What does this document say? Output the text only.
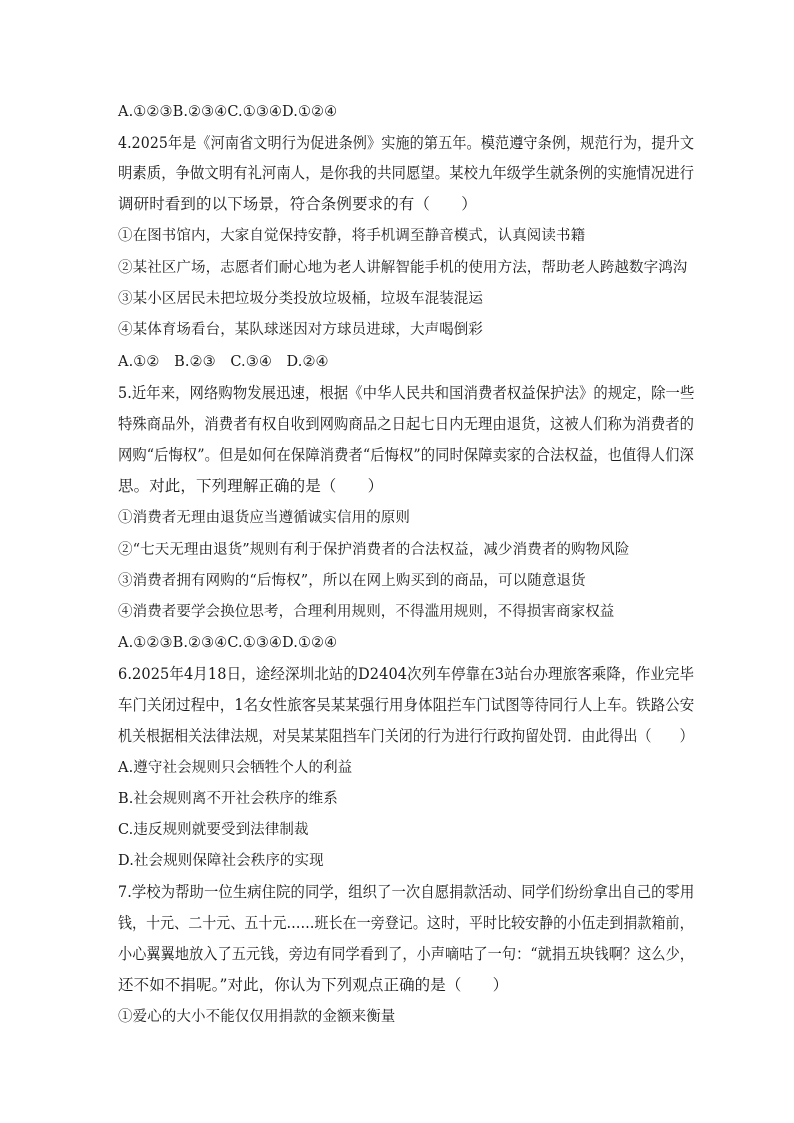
A.①②③B.②③④C.①③④D.①②④
4.2025年是《河南省文明行为促进条例》实施的第五年。模范遵守条例，规范行为，提升文
明素质，争做文明有礼河南人，是你我的共同愿望。某校九年级学生就条例的实施情况进行
调研时看到的以下场景，符合条例要求的有（　　）
①在图书馆内，大家自觉保持安静，将手机调至静音模式，认真阅读书籍
②某社区广场，志愿者们耐心地为老人讲解智能手机的使用方法，帮助老人跨越数字鸿沟
③某小区居民未把垃圾分类投放垃圾桶，垃圾车混装混运
④某体育场看台，某队球迷因对方球员进球，大声喝倒彩
A.①②　B.②③　C.③④　D.②④
5.近年来，网络购物发展迅速，根据《中华人民共和国消费者权益保护法》的规定，除一些
特殊商品外，消费者有权自收到网购商品之日起七日内无理由退货，这被人们称为消费者的
网购“后悔权”。但是如何在保障消费者“后悔权”的同时保障卖家的合法权益，也值得人们深
思。对此，下列理解正确的是（　　）
①消费者无理由退货应当遵循诚实信用的原则
②“七天无理由退货”规则有利于保护消费者的合法权益，减少消费者的购物风险
③消费者拥有网购的“后悔权”，所以在网上购买到的商品，可以随意退货
④消费者要学会换位思考，合理利用规则，不得滥用规则，不得损害商家权益
A.①②③B.②③④C.①③④D.①②④
6.2025年4月18日，途经深圳北站的D2404次列车停靠在3站台办理旅客乘降，作业完毕
车门关闭过程中，1名女性旅客吴某某强行用身体阻拦车门试图等待同行人上车。铁路公安
机关根据相关法律法规，对吴某某阻挡车门关闭的行为进行行政拘留处罚．由此得出（　　）
A.遵守社会规则只会牺牲个人的利益
B.社会规则离不开社会秩序的维系
C.违反规则就要受到法律制裁
D.社会规则保障社会秩序的实现
7.学校为帮助一位生病住院的同学，组织了一次自愿捐款活动、同学们纷纷拿出自己的零用
钱，十元、二十元、五十元……班长在一旁登记。这时，平时比较安静的小伍走到捐款箱前，
小心翼翼地放入了五元钱，旁边有同学看到了，小声嘀咕了一句：“就捐五块钱啊？这么少，
还不如不捐呢。”对此，你认为下列观点正确的是（　　）
①爱心的大小不能仅仅用捐款的金额来衡量
